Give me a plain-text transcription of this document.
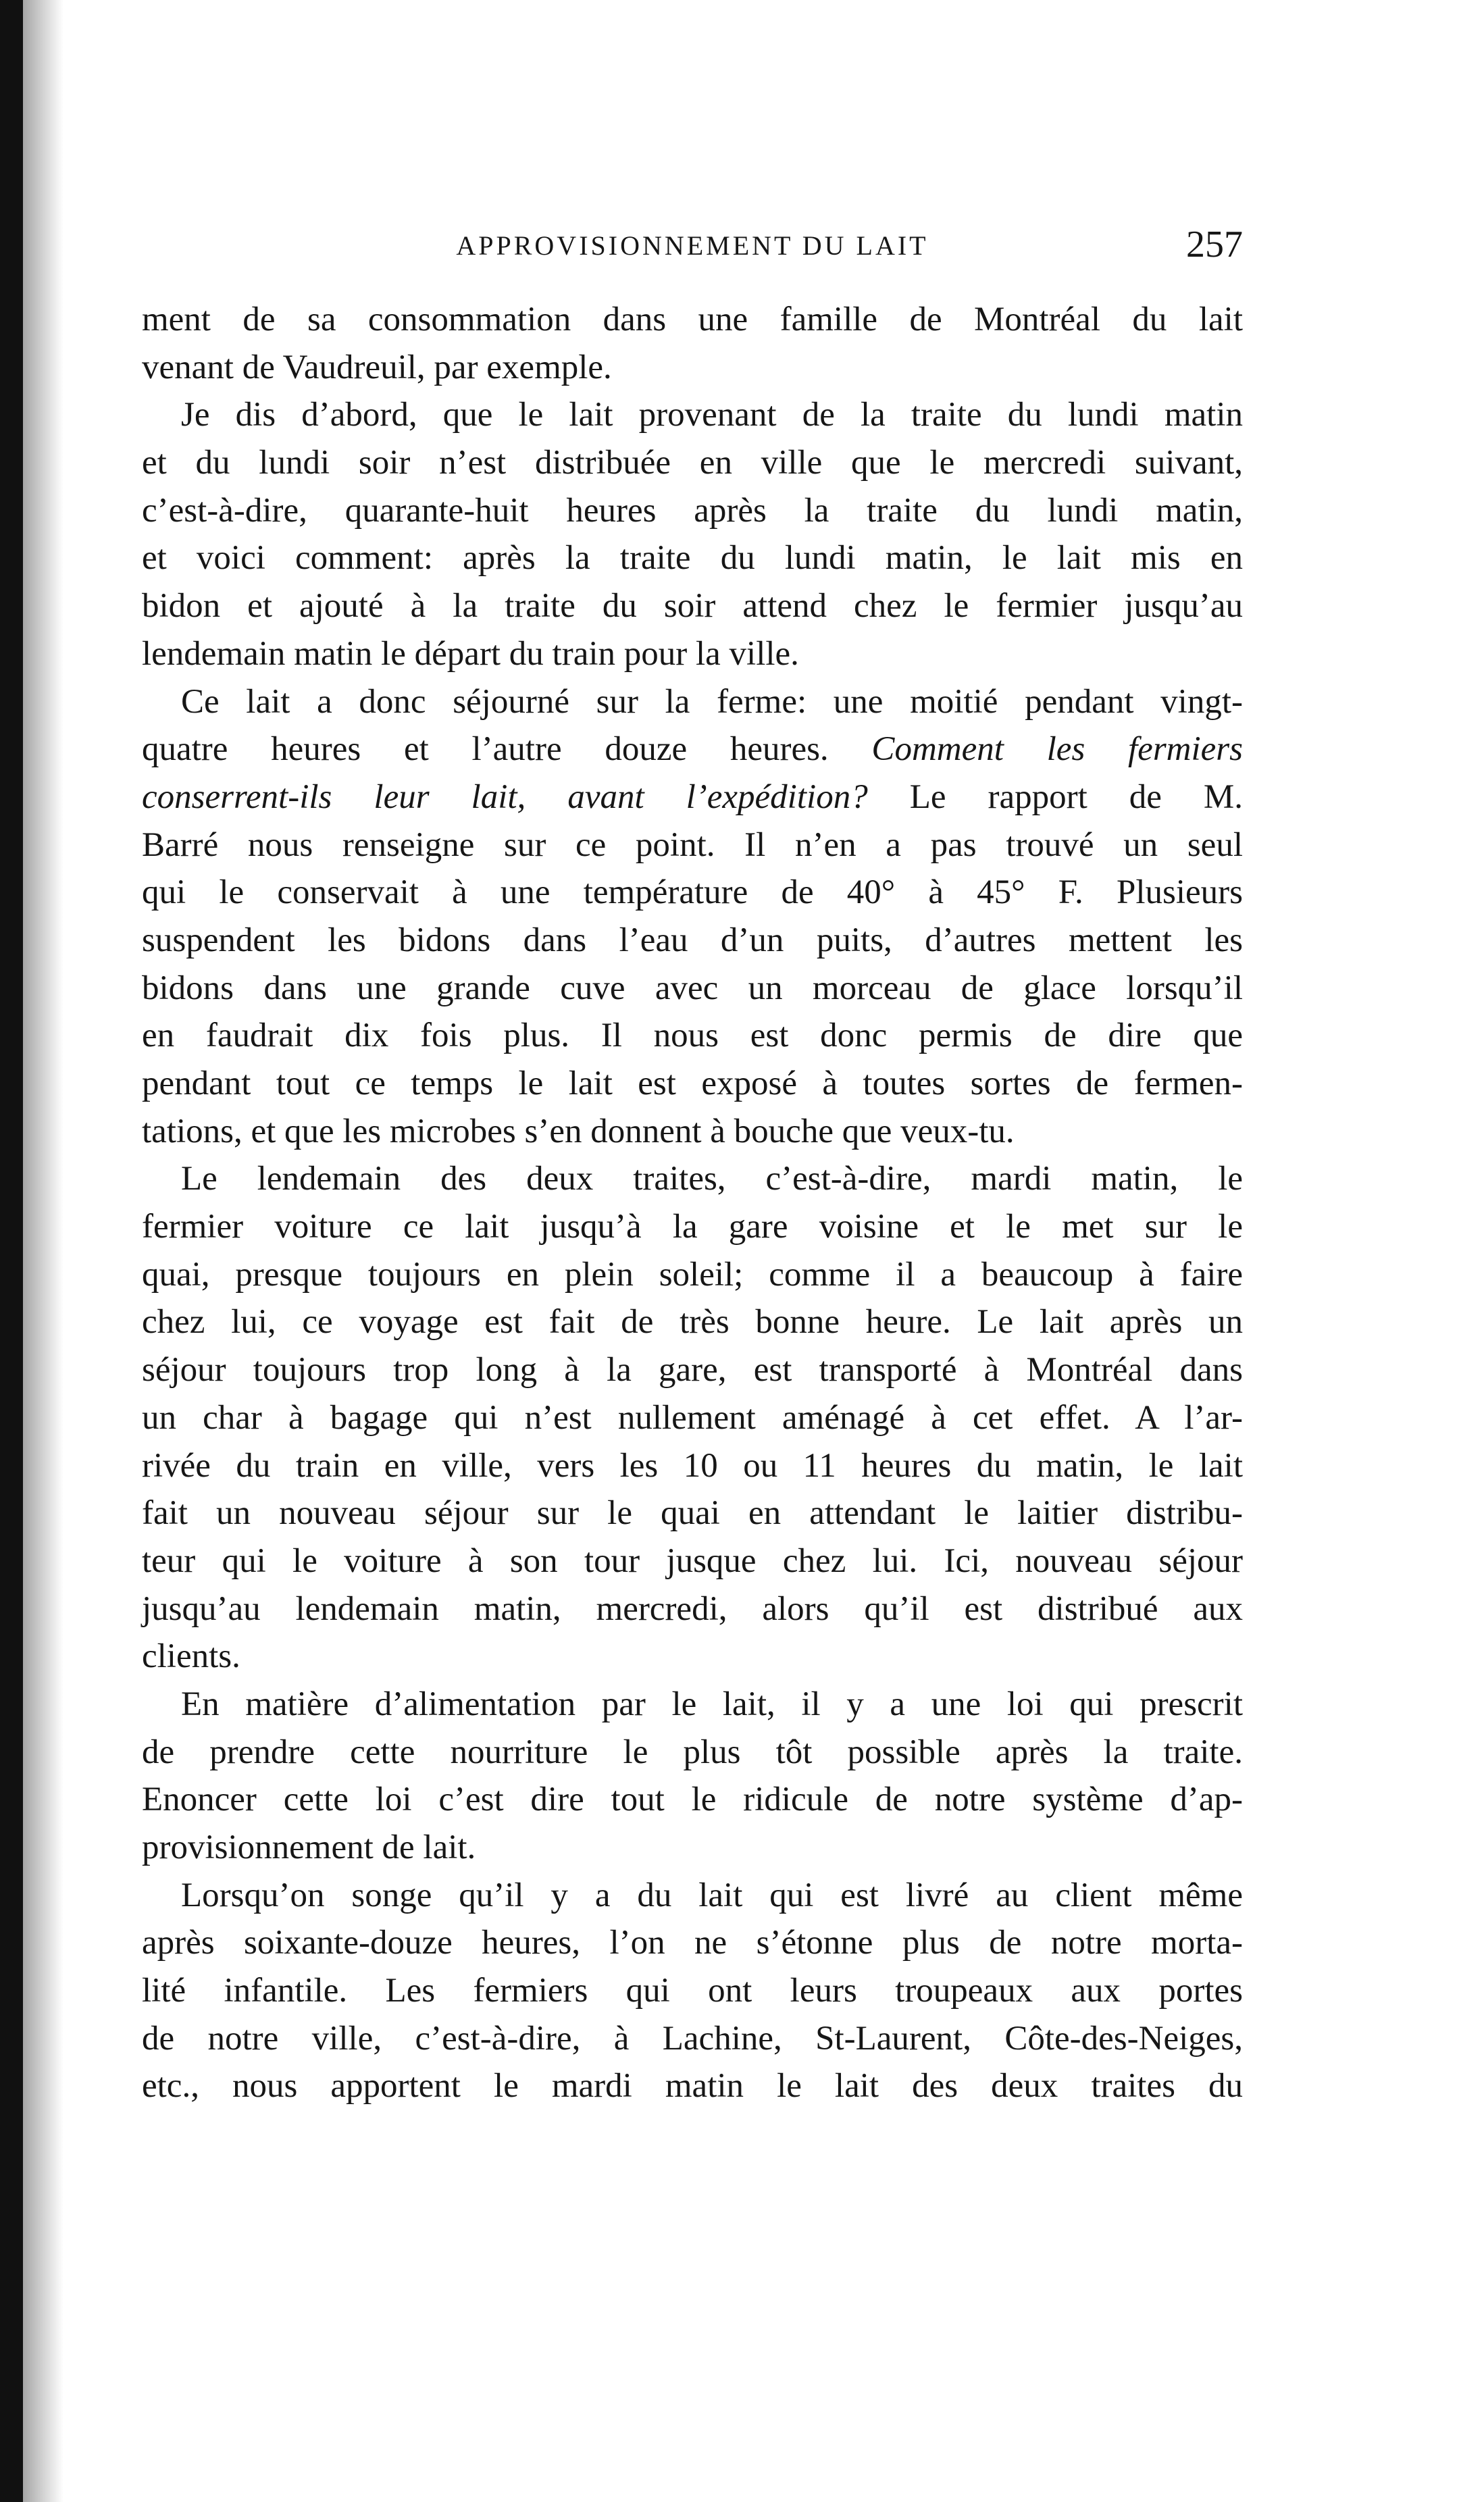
APPROVISIONNEMENT DU LAIT	257
ment de sa consommation dans une famille de Montréal du lait
venant de Vaudreuil, par exemple.
Je dis d’abord, que le lait provenant de la traite du lundi matin
et du lundi soir n’est distribuée en ville que le mercredi suivant,
c’est-à-dire, quarante-huit heures après la traite du lundi matin,
et voici comment: après la traite du lundi matin, le lait mis en
bidon et ajouté à la traite du soir attend chez le fermier jusqu’au
lendemain matin le départ du train pour la ville.
Ce lait a donc séjourné sur la ferme: une moitié pendant vingt-
quatre heures et l’autre douze heures. Comment les fermiers
conserrent-ils leur lait, avant l’expédition? Le rapport de M.
Barré nous renseigne sur ce point. Il n’en a pas trouvé un seul
qui le conservait à une température de 40° à 45° F. Plusieurs
suspendent les bidons dans l’eau d’un puits, d’autres mettent les
bidons dans une grande cuve avec un morceau de glace lorsqu’il
en faudrait dix fois plus. Il nous est donc permis de dire que
pendant tout ce temps le lait est exposé à toutes sortes de fermen-
tations, et que les microbes s’en donnent à bouche que veux-tu.
Le lendemain des deux traites, c’est-à-dire, mardi matin, le
fermier voiture ce lait jusqu’à la gare voisine et le met sur le
quai, presque toujours en plein soleil; comme il a beaucoup à faire
chez lui, ce voyage est fait de très bonne heure. Le lait après un
séjour toujours trop long à la gare, est transporté à Montréal dans
un char à bagage qui n’est nullement aménagé à cet effet. A l’ar-
rivée du train en ville, vers les 10 ou 11 heures du matin, le lait
fait un nouveau séjour sur le quai en attendant le laitier distribu-
teur qui le voiture à son tour jusque chez lui. Ici, nouveau séjour
jusqu’au lendemain matin, mercredi, alors qu’il est distribué aux
clients.
En matière d’alimentation par le lait, il y a une loi qui prescrit
de prendre cette nourriture le plus tôt possible après la traite.
Enoncer cette loi c’est dire tout le ridicule de notre système d’ap-
provisionnement de lait.
Lorsqu’on songe qu’il y a du lait qui est livré au client même
après soixante-douze heures, l’on ne s’étonne plus de notre morta-
lité infantile. Les fermiers qui ont leurs troupeaux aux portes
de notre ville, c’est-à-dire, à Lachine, St-Laurent, Côte-des-Neiges,
etc., nous apportent le mardi matin le lait des deux traites du
